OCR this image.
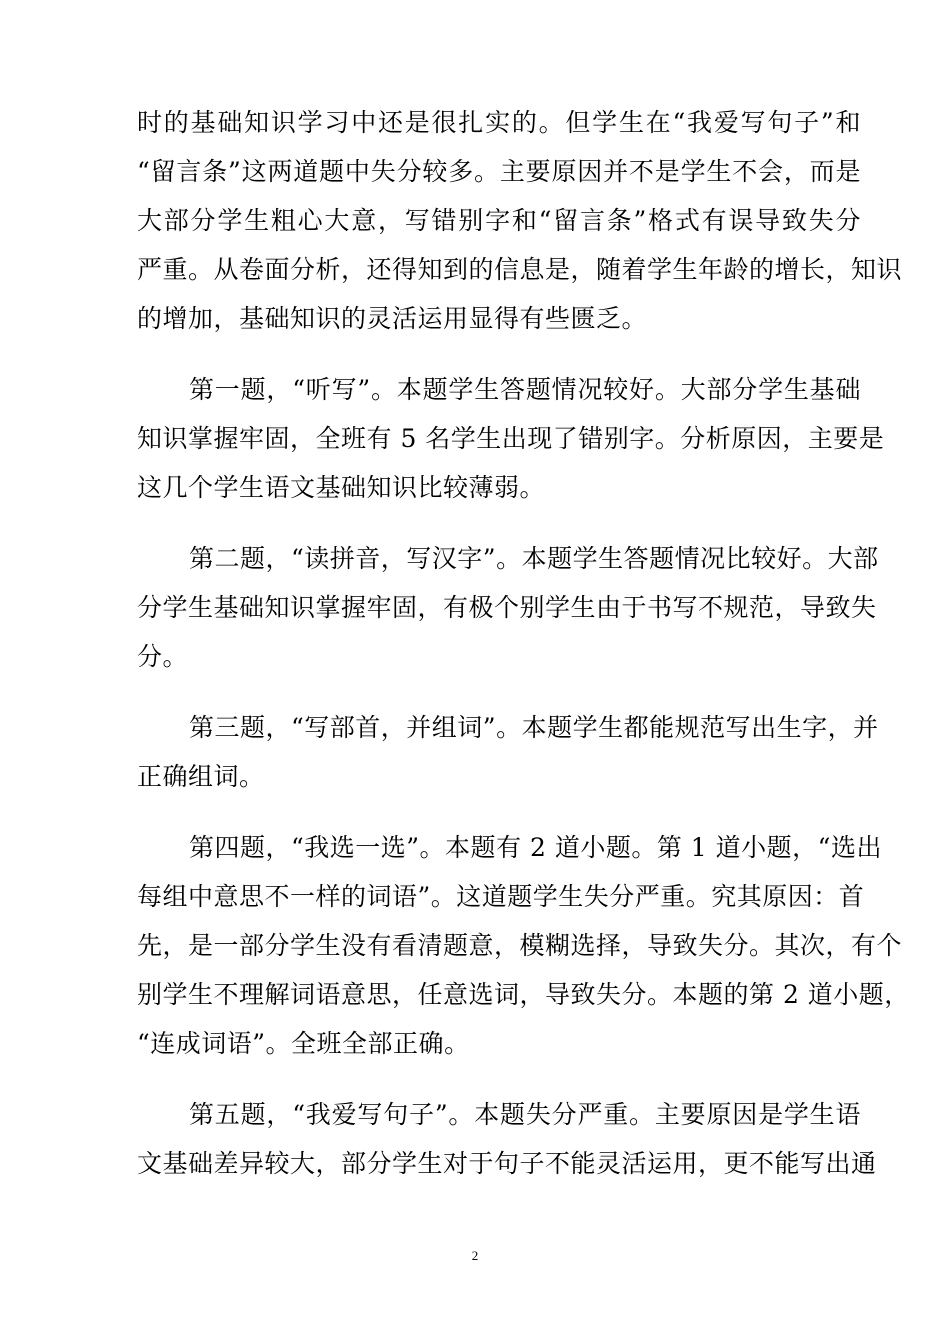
时的基础知识学习中还是很扎实的。但学生在“我爱写句子”和
“留言条”这两道题中失分较多。主要原因并不是学生不会，而是
大部分学生粗心大意，写错别字和“留言条”格式有误导致失分
严重。从卷面分析，还得知到的信息是，随着学生年龄的增长，知识
的增加，基础知识的灵活运用显得有些匮乏。
第一题，“听写”。本题学生答题情况较好。大部分学生基础
知识掌握牢固，全班有 5 名学生出现了错别字。分析原因，主要是
这几个学生语文基础知识比较薄弱。
第二题，“读拼音，写汉字”。本题学生答题情况比较好。大部
分学生基础知识掌握牢固，有极个别学生由于书写不规范，导致失
分。
第三题，“写部首，并组词”。本题学生都能规范写出生字，并
正确组词。
第四题，“我选一选”。本题有 2 道小题。第 1 道小题，“选出
每组中意思不一样的词语”。这道题学生失分严重。究其原因：首
先，是一部分学生没有看清题意，模糊选择，导致失分。其次，有个
别学生不理解词语意思，任意选词，导致失分。本题的第 2 道小题，
“连成词语”。全班全部正确。
第五题，“我爱写句子”。本题失分严重。主要原因是学生语
文基础差异较大，部分学生对于句子不能灵活运用，更不能写出通
2
